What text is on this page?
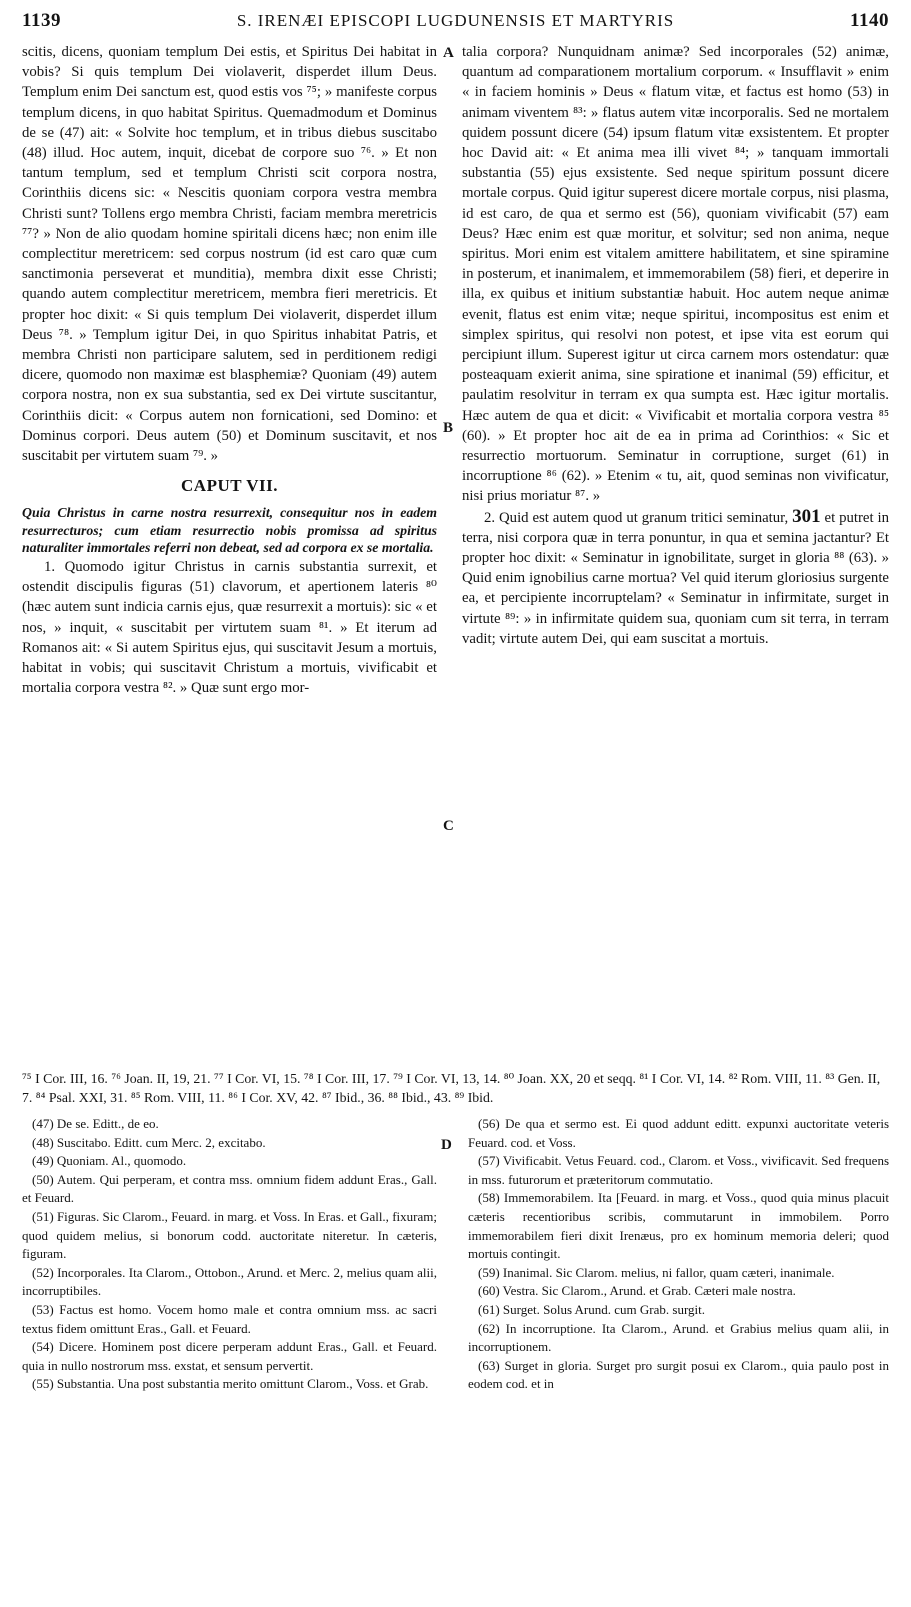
1139	S. IRENÆI EPISCOPI LUGDUNENSIS ET MARTYRIS	1140
A
B
C
D

scitis, dicens, quoniam templum Dei estis, et Spiritus Dei habitat in vobis? Si quis templum Dei violaverit, disperdet illum Deus. Templum enim Dei sanctum est, quod estis vos ⁷⁵; » manifeste corpus templum dicens, in quo habitat Spiritus. Quemadmodum et Dominus de se (47) ait: « Solvite hoc templum, et in tribus diebus suscitabo (48) illud. Hoc autem, inquit, dicebat de corpore suo ⁷⁶. » Et non tantum templum, sed et templum Christi scit corpora nostra, Corinthiis dicens sic: « Nescitis quoniam corpora vestra membra Christi sunt? Tollens ergo membra Christi, faciam membra meretricis ⁷⁷? » Non de alio quodam homine spiritali dicens hæc; non enim ille complectitur meretricem: sed corpus nostrum (id est caro quæ cum sanctimonia perseverat et munditia), membra dixit esse Christi; quando autem complectitur meretricem, membra fieri meretricis. Et propter hoc dixit: « Si quis templum Dei violaverit, disperdet illum Deus ⁷⁸. » Templum igitur Dei, in quo Spiritus inhabitat Patris, et membra Christi non participare salutem, sed in perditionem redigi dicere, quomodo non maximæ est blasphemiæ? Quoniam (49) autem corpora nostra, non ex sua substantia, sed ex Dei virtute suscitantur, Corinthiis dicit: « Corpus autem non fornicationi, sed Domino: et Dominus corpori. Deus autem (50) et Dominum suscitavit, et nos suscitabit per virtutem suam ⁷⁹. »

CAPUT VII.

Quia Christus in carne nostra resurrexit, consequitur nos in eadem resurrecturos; cum etiam resurrectio nobis promissa ad spiritus naturaliter immortales referri non debeat, sed ad corpora ex se mortalia.

1. Quomodo igitur Christus in carnis substantia surrexit, et ostendit discipulis figuras (51) clavorum, et apertionem lateris ⁸⁰ (hæc autem sunt indicia carnis ejus, quæ resurrexit a mortuis): sic « et nos, » inquit, « suscitabit per virtutem suam ⁸¹. » Et iterum ad Romanos ait: « Si autem Spiritus ejus, qui suscitavit Jesum a mortuis, habitat in vobis; qui suscitavit Christum a mortuis, vivificabit et mortalia corpora vestra ⁸². » Quæ sunt ergo mor-

talia corpora? Nunquidnam animæ? Sed incorporales (52) animæ, quantum ad comparationem mortalium corporum. « Insufflavit » enim « in faciem hominis » Deus « flatum vitæ, et factus est homo (53) in animam viventem ⁸³: » flatus autem vitæ incorporalis. Sed ne mortalem quidem possunt dicere (54) ipsum flatum vitæ exsistentem. Et propter hoc David ait: « Et anima mea illi vivet ⁸⁴; » tanquam immortali substantia (55) ejus exsistente. Sed neque spiritum possunt dicere mortale corpus. Quid igitur superest dicere mortale corpus, nisi plasma, id est caro, de qua et sermo est (56), quoniam vivificabit (57) eam Deus? Hæc enim est quæ moritur, et solvitur; sed non anima, neque spiritus. Mori enim est vitalem amittere habilitatem, et sine spiramine in posterum, et inanimalem, et immemorabilem (58) fieri, et deperire in illa, ex quibus et initium substantiæ habuit. Hoc autem neque animæ evenit, flatus est enim vitæ; neque spiritui, incompositus est enim et simplex spiritus, qui resolvi non potest, et ipse vita est eorum qui percipiunt illum. Superest igitur ut circa carnem mors ostendatur: quæ posteaquam exierit anima, sine spiratione et inanimal (59) efficitur, et paulatim resolvitur in terram ex qua sumpta est. Hæc igitur mortalis. Hæc autem de qua et dicit: « Vivificabit et mortalia corpora vestra ⁸⁵ (60). » Et propter hoc ait de ea in prima ad Corinthios: « Sic et resurrectio mortuorum. Seminatur in corruptione, surget (61) in incorruptione ⁸⁶ (62). » Etenim « tu, ait, quod seminas non vivificatur, nisi prius moriatur ⁸⁷. »

2. Quid est autem quod ut granum tritici seminatur, 301 et putret in terra, nisi corpora quæ in terra ponuntur, in qua et semina jactantur? Et propter hoc dixit: « Seminatur in ignobilitate, surget in gloria ⁸⁸ (63). » Quid enim ignobilius carne mortua? Vel quid iterum gloriosius surgente ea, et percipiente incorruptelam? « Seminatur in infirmitate, surget in virtute ⁸⁹: » in infirmitate quidem sua, quoniam cum sit terra, in terram vadit; virtute autem Dei, qui eam suscitat a mortuis.

⁷⁵ I Cor. III, 16. ⁷⁶ Joan. II, 19, 21. ⁷⁷ I Cor. VI, 15. ⁷⁸ I Cor. III, 17. ⁷⁹ I Cor. VI, 13, 14. ⁸⁰ Joan. XX, 20 et seqq. ⁸¹ I Cor. VI, 14. ⁸² Rom. VIII, 11. ⁸³ Gen. II, 7. ⁸⁴ Psal. XXI, 31. ⁸⁵ Rom. VIII, 11. ⁸⁶ I Cor. XV, 42. ⁸⁷ Ibid., 36. ⁸⁸ Ibid., 43. ⁸⁹ Ibid.

(47) De se. Editt., de eo.

(48) Suscitabo. Editt. cum Merc. 2, excitabo.

(49) Quoniam. Al., quomodo.

(50) Autem. Qui perperam, et contra mss. omnium fidem addunt Eras., Gall. et Feuard.

(51) Figuras. Sic Clarom., Feuard. in marg. et Voss. In Eras. et Gall., fixuram; quod quidem melius, si bonorum codd. auctoritate niteretur. In cæteris, figuram.

(52) Incorporales. Ita Clarom., Ottobon., Arund. et Merc. 2, melius quam alii, incorruptibiles.

(53) Factus est homo. Vocem homo male et contra omnium mss. ac sacri textus fidem omittunt Eras., Gall. et Feuard.

(54) Dicere. Hominem post dicere perperam addunt Eras., Gall. et Feuard. quia in nullo nostrorum mss. exstat, et sensum pervertit.

(55) Substantia. Una post substantia merito omittunt Clarom., Voss. et Grab.

(56) De qua et sermo est. Ei quod addunt editt. expunxi auctoritate veteris Feuard. cod. et Voss.

(57) Vivificabit. Vetus Feuard. cod., Clarom. et Voss., vivificavit. Sed frequens in mss. futurorum et præteritorum commutatio.

(58) Immemorabilem. Ita [Feuard. in marg. et Voss., quod quia minus placuit cæteris recentioribus scribis, commutarunt in immobilem. Porro immemorabilem fieri dixit Irenæus, pro ex hominum memoria deleri; quod mortuis contingit.

(59) Inanimal. Sic Clarom. melius, ni fallor, quam cæteri, inanimale.

(60) Vestra. Sic Clarom., Arund. et Grab. Cæteri male nostra.

(61) Surget. Solus Arund. cum Grab. surgit.

(62) In incorruptione. Ita Clarom., Arund. et Grabius melius quam alii, in incorruptionem.

(63) Surget in gloria. Surget pro surgit posui ex Clarom., quia paulo post in eodem cod. et in
